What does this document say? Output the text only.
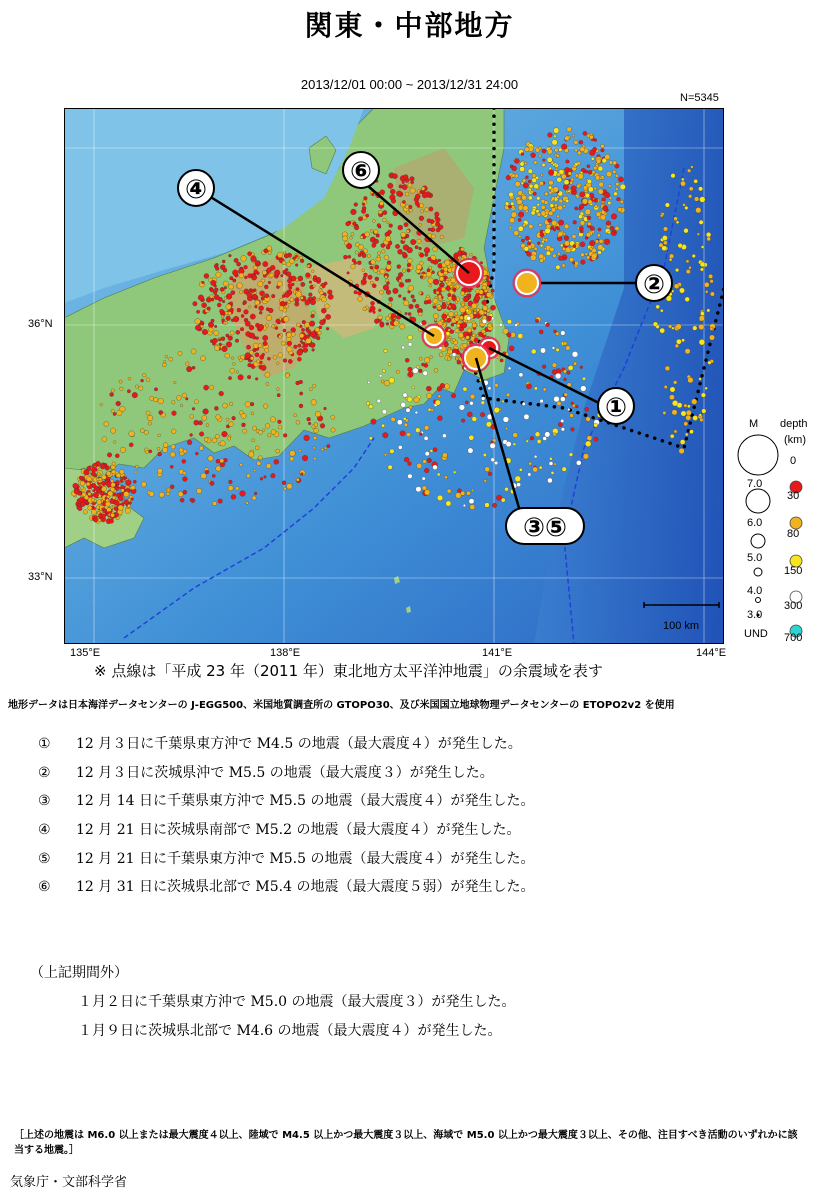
関東・中部地方
2013/12/01 00:00 ~ 2013/12/31 24:00
N=5345
⑥
②
④
①
③⑤
100 km
36°N
33°N
135°E	138°E	141°E	144°E
M depth
(km)
7.0
6.0
5.0
4.0
3.0
UND
0
30
80
150
300
700
※ 点線は「平成 23 年（2011 年）東北地方太平洋沖地震」の余震域を表す
地形データは日本海洋データセンターの J-EGG500、米国地質調査所の GTOPO30、及び米国国立地球物理データセンターの ETOPO2v2 を使用
① 12 月３日に千葉県東方沖で M4.5 の地震（最大震度４）が発生した。
② 12 月３日に茨城県沖で M5.5 の地震（最大震度３）が発生した。
③ 12 月 14 日に千葉県東方沖で M5.5 の地震（最大震度４）が発生した。
④ 12 月 21 日に茨城県南部で M5.2 の地震（最大震度４）が発生した。
⑤ 12 月 21 日に千葉県東方沖で M5.5 の地震（最大震度４）が発生した。
⑥ 12 月 31 日に茨城県北部で M5.4 の地震（最大震度５弱）が発生した。
（上記期間外）
１月２日に千葉県東方沖で M5.0 の地震（最大震度３）が発生した。
１月９日に茨城県北部で M4.6 の地震（最大震度４）が発生した。
［上述の地震は M6.0 以上または最大震度４以上、陸域で M4.5 以上かつ最大震度３以上、海域で M5.0 以上かつ最大震度３以上、その他、注目すべき活動のいずれかに該当する地震。］
気象庁・文部科学省
